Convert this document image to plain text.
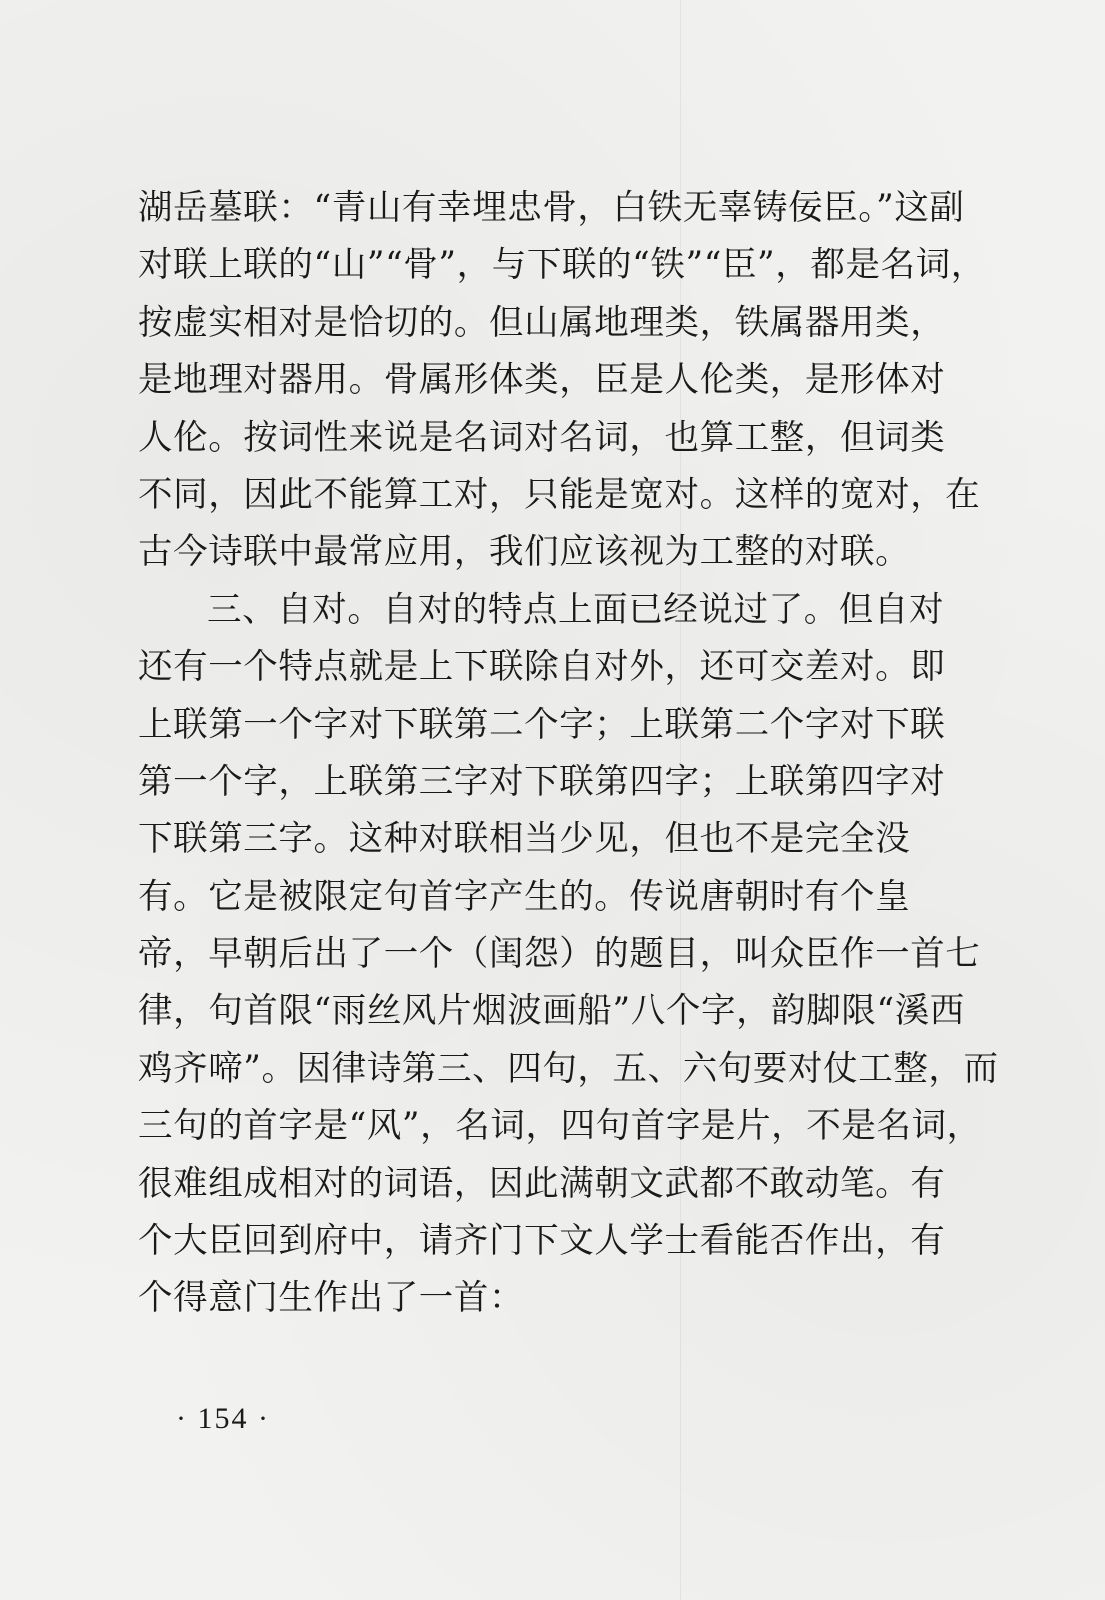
湖岳墓联：“青山有幸埋忠骨，白铁无辜铸佞臣。”这副
对联上联的“山”“骨”，与下联的“铁”“臣”，都是名词，
按虚实相对是恰切的。但山属地理类，铁属器用类，
是地理对器用。骨属形体类，臣是人伦类，是形体对
人伦。按词性来说是名词对名词，也算工整，但词类
不同，因此不能算工对，只能是宽对。这样的宽对，在
古今诗联中最常应用，我们应该视为工整的对联。
三、自对。自对的特点上面已经说过了。但自对
还有一个特点就是上下联除自对外，还可交差对。即
上联第一个字对下联第二个字；上联第二个字对下联
第一个字，上联第三字对下联第四字；上联第四字对
下联第三字。这种对联相当少见，但也不是完全没
有。它是被限定句首字产生的。传说唐朝时有个皇
帝，早朝后出了一个（闺怨）的题目，叫众臣作一首七
律，句首限“雨丝风片烟波画船”八个字，韵脚限“溪西
鸡齐啼”。因律诗第三、四句，五、六句要对仗工整，而
三句的首字是“风”，名词，四句首字是片，不是名词，
很难组成相对的词语，因此满朝文武都不敢动笔。有
个大臣回到府中，请齐门下文人学士看能否作出，有
个得意门生作出了一首：
· 154 ·
